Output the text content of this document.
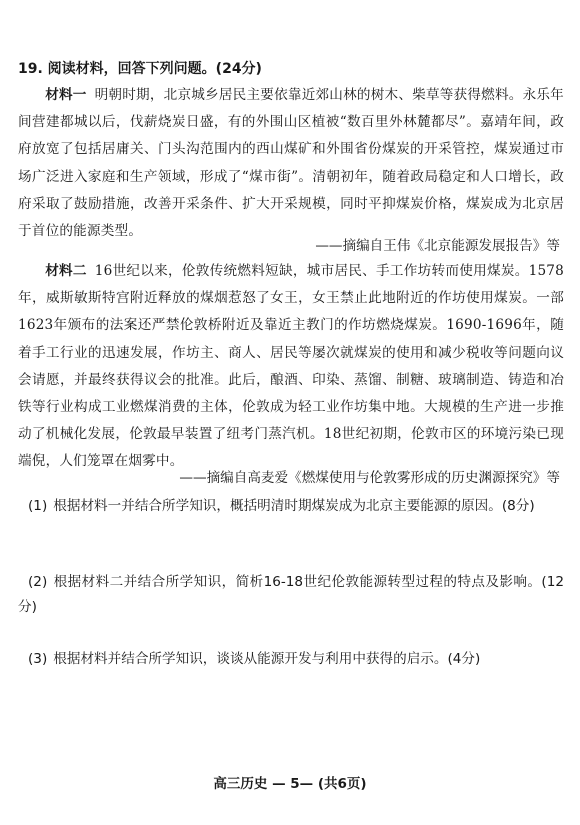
19. 阅读材料，回答下列问题。(24分)
材料一 明朝时期，北京城乡居民主要依靠近郊山林的树木、柴草等获得燃料。永乐年间营建都城以后，伐薪烧炭日盛，有的外围山区植被“数百里外林麓都尽”。嘉靖年间，政府放宽了包括居庸关、门头沟范围内的西山煤矿和外围省份煤炭的开采管控，煤炭通过市场广泛进入家庭和生产领域，形成了“煤市街”。清朝初年，随着政局稳定和人口增长，政府采取了鼓励措施，改善开采条件、扩大开采规模，同时平抑煤炭价格，煤炭成为北京居于首位的能源类型。
——摘编自王伟《北京能源发展报告》等
材料二 16世纪以来，伦敦传统燃料短缺，城市居民、手工作坊转而使用煤炭。1578年，威斯敏斯特宫附近释放的煤烟惹怒了女王，女王禁止此地附近的作坊使用煤炭。一部1623年颁布的法案还严禁伦敦桥附近及靠近主教门的作坊燃烧煤炭。1690-1696年，随着手工行业的迅速发展，作坊主、商人、居民等屡次就煤炭的使用和减少税收等问题向议会请愿，并最终获得议会的批准。此后，酿酒、印染、蒸馏、制糖、玻璃制造、铸造和冶铁等行业构成工业燃煤消费的主体，伦敦成为轻工业作坊集中地。大规模的生产进一步推动了机械化发展，伦敦最早装置了纽考门蒸汽机。18世纪初期，伦敦市区的环境污染已现端倪，人们笼罩在烟雾中。
——摘编自高麦爱《燃煤使用与伦敦雾形成的历史渊源探究》等
(1) 根据材料一并结合所学知识，概括明清时期煤炭成为北京主要能源的原因。(8分)
(2) 根据材料二并结合所学知识，简析16-18世纪伦敦能源转型过程的特点及影响。(12分)
(3) 根据材料并结合所学知识，谈谈从能源开发与利用中获得的启示。(4分)
高三历史 — 5— (共6页)
